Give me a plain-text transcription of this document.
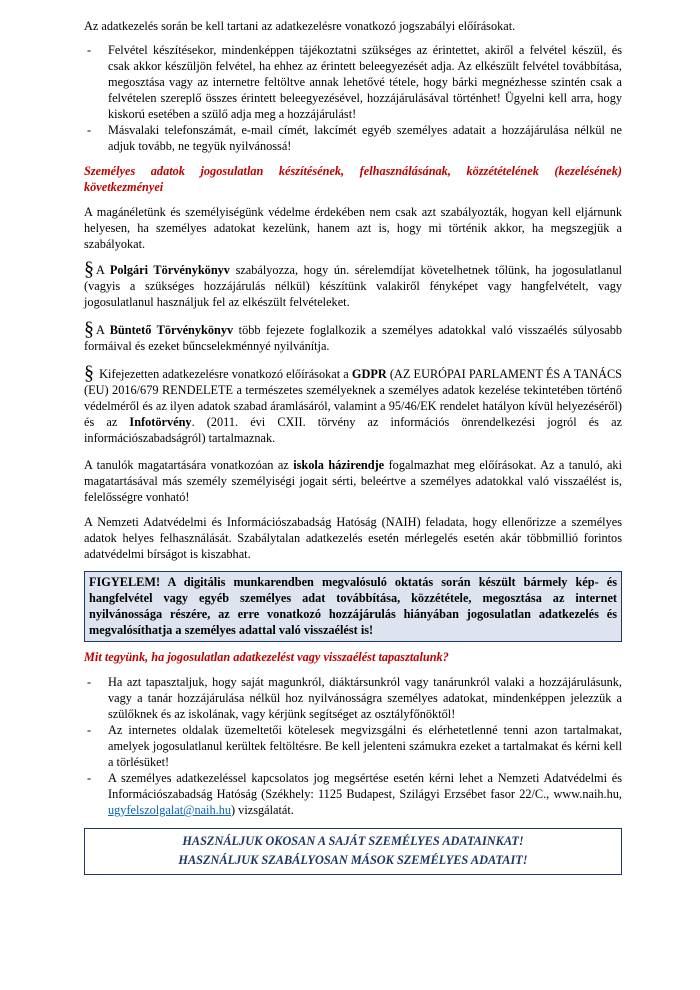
Az adatkezelés során be kell tartani az adatkezelésre vonatkozó jogszabályi előírásokat.

- Felvétel készítésekor, mindenképpen tájékoztatni szükséges az érintettet, akiről a felvétel készül, és csak akkor készüljön felvétel, ha ehhez az érintett beleegyezését adja. Az elkészült felvétel továbbítása, megosztása vagy az internetre feltöltve annak lehetővé tétele, hogy bárki megnézhesse szintén csak a felvételen szereplő összes érintett beleegyezésével, hozzájárulásával történhet! Ügyelni kell arra, hogy kiskorú esetében a szülő adja meg a hozzájárulást!
- Másvalaki telefonszámát, e-mail címét, lakcímét egyéb személyes adatait a hozzájárulása nélkül ne adjuk tovább, ne tegyük nyilvánossá!

Személyes adatok jogosulatlan készítésének, felhasználásának, közzétételének (kezelésének) következményei

A magánéletünk és személyiségünk védelme érdekében nem csak azt szabályozták, hogyan kell eljárnunk helyesen, ha személyes adatokat kezelünk, hanem azt is, hogy mi történik akkor, ha megszegjük a szabályokat.

§ A Polgári Törvénykönyv szabályozza, hogy ún. sérelemdíjat követelhetnek tőlünk, ha jogosulatlanul (vagyis a szükséges hozzájárulás nélkül) készítünk valakiről fényképet vagy hangfelvételt, vagy jogosulatlanul használjuk fel az elkészült felvételeket.

§ A Büntető Törvénykönyv több fejezete foglalkozik a személyes adatokkal való visszaélés súlyosabb formáival és ezeket bűncselekménnyé nyilvánítja.

§ Kifejezetten adatkezelésre vonatkozó előírásokat a GDPR (AZ EURÓPAI PARLAMENT ÉS A TANÁCS (EU) 2016/679 RENDELETE a természetes személyeknek a személyes adatok kezelése tekintetében történő védelméről és az ilyen adatok szabad áramlásáról, valamint a 95/46/EK rendelet hatályon kívül helyezéséről) és az Infotörvény. (2011. évi CXII. törvény az információs önrendelkezési jogról és az információszabadságról) tartalmaznak.

A tanulók magatartására vonatkozóan az iskola házirendje fogalmazhat meg előírásokat. Az a tanuló, aki magatartásával más személy személyiségi jogait sérti, beleértve a személyes adatokkal való visszaélést is, felelősségre vonható!

A Nemzeti Adatvédelmi és Információszabadság Hatóság (NAIH) feladata, hogy ellenőrizze a személyes adatok helyes felhasználását. Szabálytalan adatkezelés esetén mérlegelés esetén akár többmillió forintos adatvédelmi bírságot is kiszabhat.

FIGYELEM! A digitális munkarendben megvalósuló oktatás során készült bármely kép- és hangfelvétel vagy egyéb személyes adat továbbítása, közzététele, megosztása az internet nyilvánossága részére, az erre vonatkozó hozzájárulás hiányában jogosulatlan adatkezelés és megvalósíthatja a személyes adattal való visszaélést is!

Mit tegyünk, ha jogosulatlan adatkezelést vagy visszaélést tapasztalunk?

- Ha azt tapasztaljuk, hogy saját magunkról, diáktársunkról vagy tanárunkról valaki a hozzájárulásunk, vagy a tanár hozzájárulása nélkül hoz nyilvánosságra személyes adatokat, mindenképpen jelezzük a szülőknek és az iskolának, vagy kérjünk segítséget az osztályfőnöktől!
- Az internetes oldalak üzemeltetői kötelesek megvizsgálni és elérhetetlenné tenni azon tartalmakat, amelyek jogosulatlanul kerültek feltöltésre. Be kell jelenteni számukra ezeket a tartalmakat és kérni kell a törlésüket!
- A személyes adatkezeléssel kapcsolatos jog megsértése esetén kérni lehet a Nemzeti Adatvédelmi és Információszabadság Hatóság (Székhely: 1125 Budapest, Szilágyi Erzsébet fasor 22/C., www.naih.hu, ugyfelszolgalat@naih.hu) vizsgálatát.
HASZNÁLJUK OKOSAN A SAJÁT SZEMÉLYES ADATAINKAT!
HASZNÁLJUK SZABÁLYOSAN MÁSOK SZEMÉLYES ADATAIT!
